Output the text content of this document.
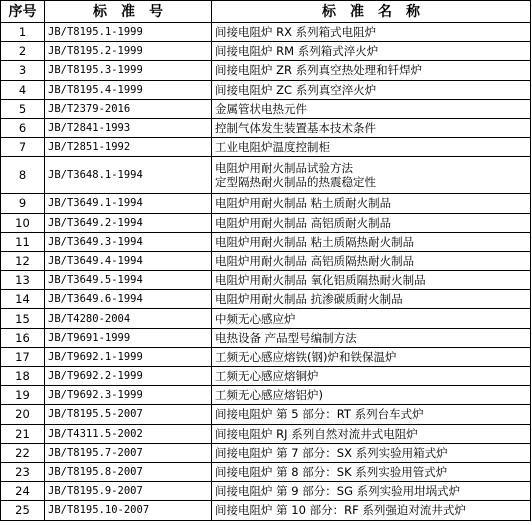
序号	标　准　号	标　准　名　称
1	JB/T8195.1-1999	间接电阻炉 RX 系列箱式电阻炉

2	JB/T8195.2-1999	间接电阻炉 RM 系列箱式淬火炉

3	JB/T8195.3-1999	间接电阻炉 ZR 系列真空热处理和钎焊炉

4	JB/T8195.4-1999	间接电阻炉 ZC 系列真空淬火炉

5	JB/T2379-2016	金属管状电热元件

6	JB/T2841-1993	控制气体发生装置基本技术条件

7	JB/T2851-1992	工业电阻炉温度控制柜

8	JB/T3648.1-1994	电阻炉用耐火制品试验方法
定型隔热耐火制品的热震稳定性

9	JB/T3649.1-1994	电阻炉用耐火制品 粘土质耐火制品

10	JB/T3649.2-1994	电阻炉用耐火制品 高铝质耐火制品

11	JB/T3649.3-1994	电阻炉用耐火制品 粘土质隔热耐火制品

12	JB/T3649.4-1994	电阻炉用耐火制品 高铝质隔热耐火制品

13	JB/T3649.5-1994	电阻炉用耐火制品 氧化铝质隔热耐火制品

14	JB/T3649.6-1994	电阻炉用耐火制品 抗渗碳质耐火制品

15	JB/T4280-2004	中频无心感应炉

16	JB/T9691-1999	电热设备 产品型号编制方法

17	JB/T9692.1-1999	工频无心感应熔铁(钢)炉和铁保温炉

18	JB/T9692.2-1999	工频无心感应熔铜炉

19	JB/T9692.3-1999	工频无心感应熔铝炉)

20	JB/T8195.5-2007	间接电阻炉 第 5 部分：RT 系列台车式炉

21	JB/T4311.5-2002	间接电阻炉 RJ 系列自然对流井式电阻炉

22	JB/T8195.7-2007	间接电阻炉 第 7 部分：SX 系列实验用箱式炉

23	JB/T8195.8-2007	间接电阻炉 第 8 部分：SK 系列实验用管式炉

24	JB/T8195.9-2007	间接电阻炉 第 9 部分：SG 系列实验用坩埚式炉

25	JB/T8195.10-2007	间接电阻炉 第 10 部分：RF 系列强迫对流井式炉
